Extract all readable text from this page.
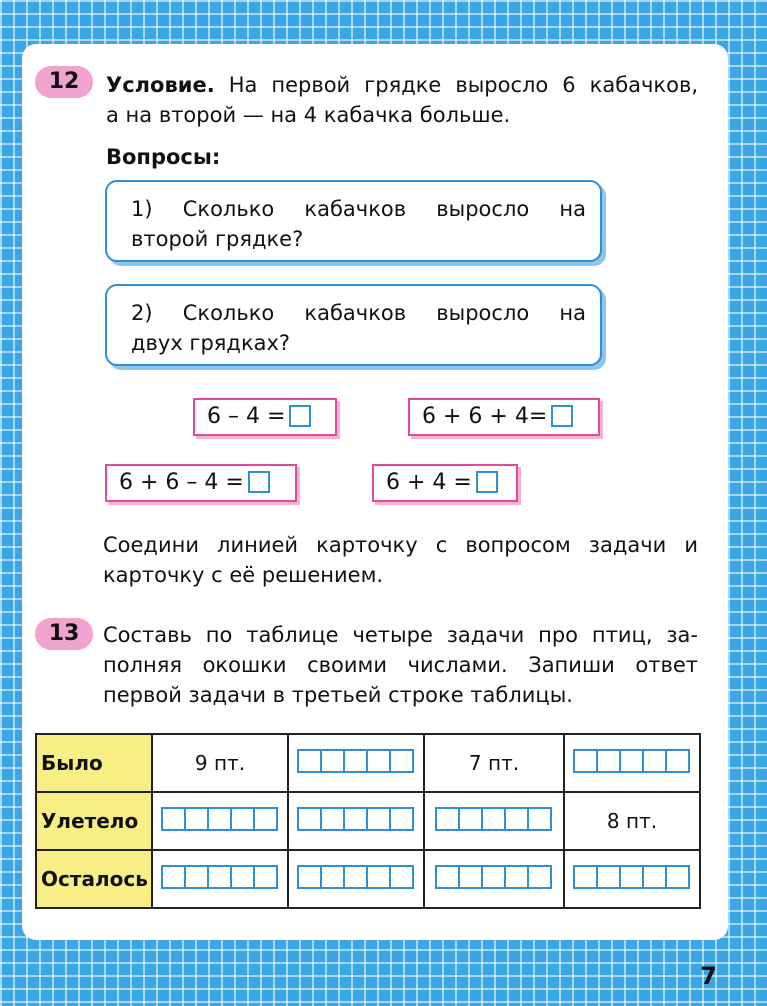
12	Условие. На первой грядке выросло 6 кабачков,
а на второй — на 4 кабачка больше.
Вопросы:
1) Сколько кабачков выросло на
второй грядке?
2) Сколько кабачков выросло на
двух грядках?
6 – 4 =	6 + 6 + 4=
6 + 6 – 4 =	6 + 4 =
Соедини линией карточку с вопросом задачи и
карточку с её решением.
13	Составь по таблице четыре задачи про птиц, за-
полняя окошки своими числами. Запиши ответ
первой задачи в третьей строке таблицы.
Было	9 пт.		7 пт.	

Улетело				8 пт.
Осталось	

7
